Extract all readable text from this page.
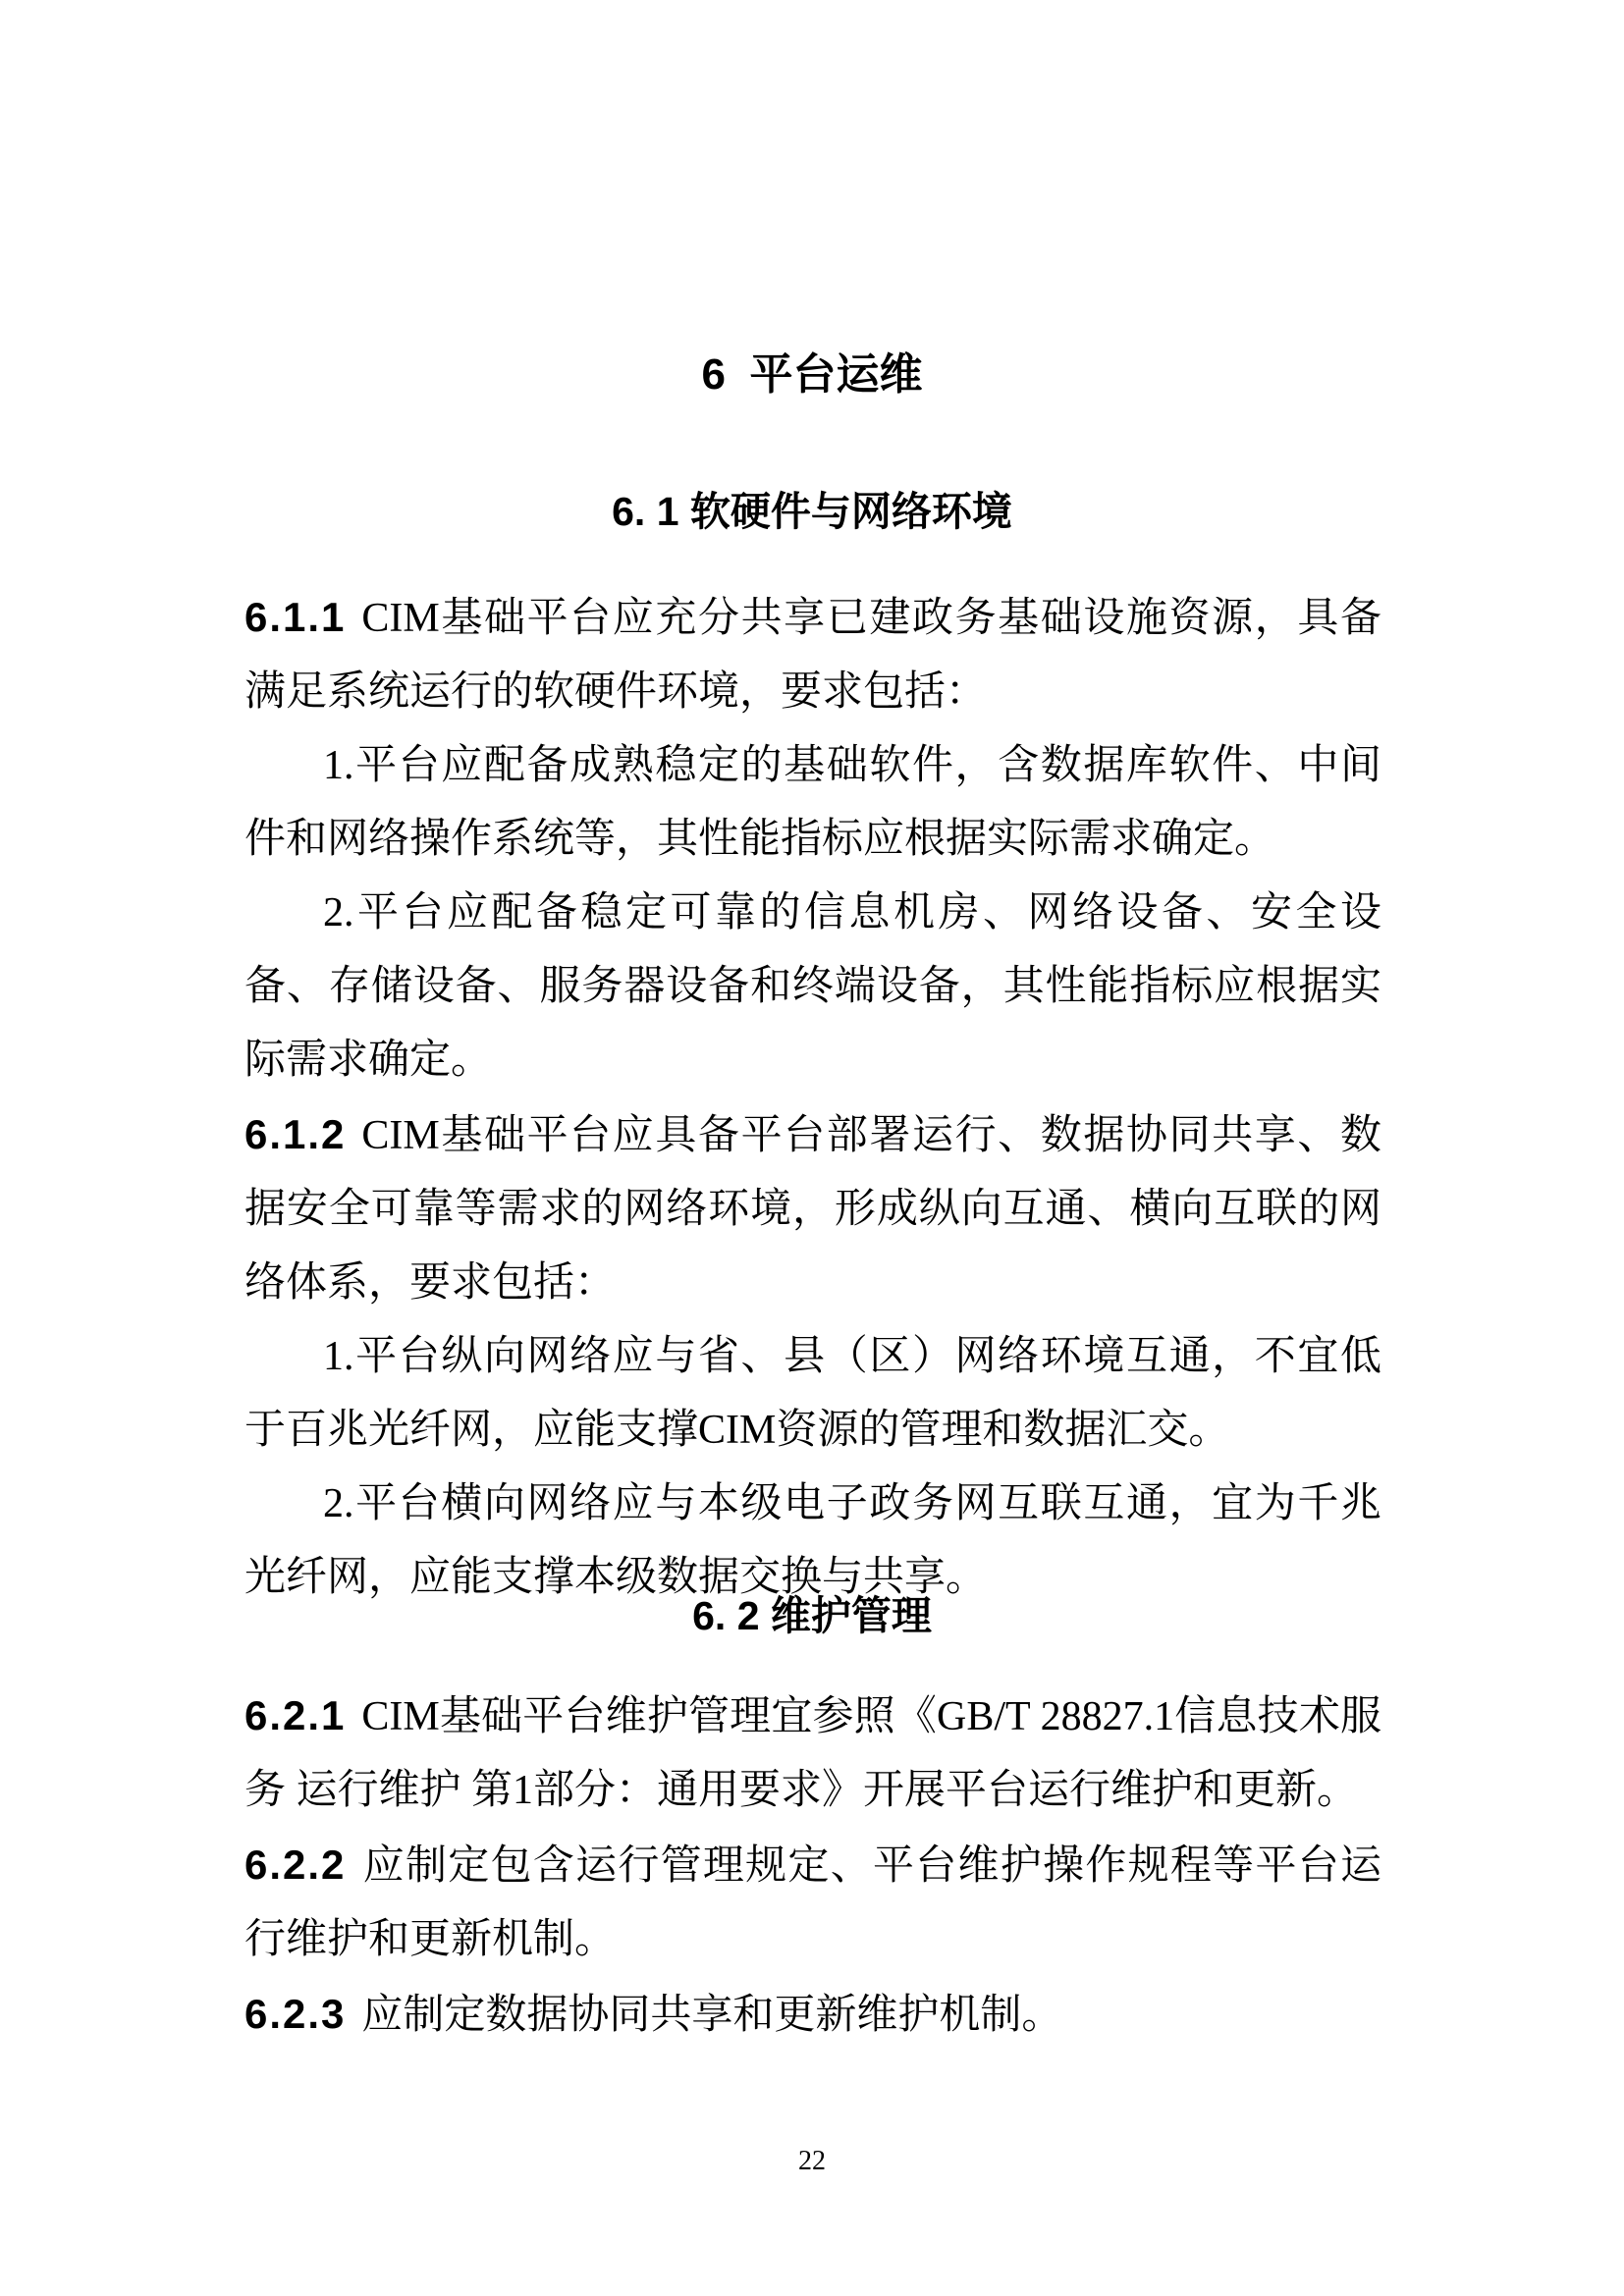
6  平台运维
6. 1 软硬件与网络环境

6.1.1 CIM基础平台应充分共享已建政务基础设施资源，具备满足系统运行的软硬件环境，要求包括：

1.平台应配备成熟稳定的基础软件，含数据库软件、中间件和网络操作系统等，其性能指标应根据实际需求确定。

2.平台应配备稳定可靠的信息机房、网络设备、安全设备、存储设备、服务器设备和终端设备，其性能指标应根据实际需求确定。

6.1.2 CIM基础平台应具备平台部署运行、数据协同共享、数据安全可靠等需求的网络环境，形成纵向互通、横向互联的网络体系，要求包括：

1.平台纵向网络应与省、县（区）网络环境互通，不宜低于百兆光纤网，应能支撑CIM资源的管理和数据汇交。

2.平台横向网络应与本级电子政务网互联互通，宜为千兆光纤网，应能支撑本级数据交换与共享。

6. 2 维护管理

6.2.1 CIM基础平台维护管理宜参照《GB/T 28827.1信息技术服务 运行维护 第1部分：通用要求》开展平台运行维护和更新。

6.2.2 应制定包含运行管理规定、平台维护操作规程等平台运行维护和更新机制。

6.2.3 应制定数据协同共享和更新维护机制。

22
